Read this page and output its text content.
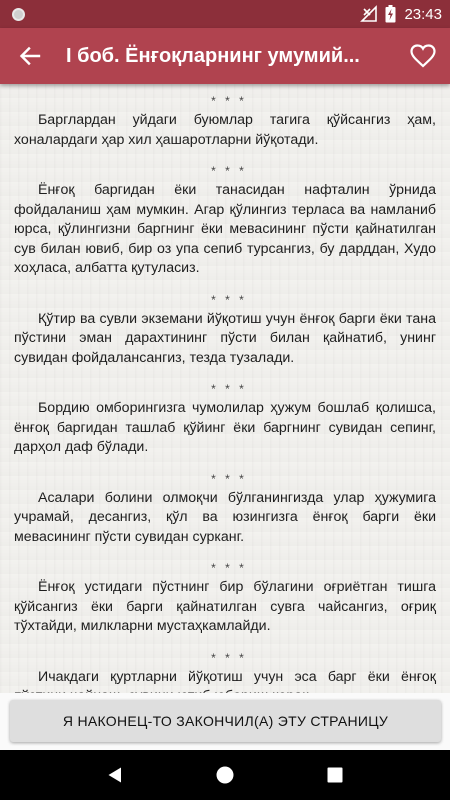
23:43
I боб. Ёнғоқларнинг умумий...
* * *

Барглардан уйдаги буюмлар тагига қўйсангиз ҳам, хоналардаги ҳар хил ҳашаротларни йўқотади.

* * *

Ёнғоқ баргидан ёки танасидан нафталин ўрнида фойдаланиш ҳам мумкин. Агар қўлингиз терласа ва намланиб юрса, қўлингизни баргнинг ёки мевасининг пўсти қайнатилган сув билан ювиб, бир оз упа сепиб турсангиз, бу дарддан, Худо хоҳласа, албатта қутуласиз.

* * *

Қўтир ва сувли экземани йўқотиш учун ёнғоқ барги ёки тана пўстини эман дарахтининг пўсти билан қайнатиб, унинг сувидан фойдалансангиз, тезда тузалади.

* * *

Бордию омборингизга чумолилар ҳужум бошлаб қолишса, ёнғоқ баргидан ташлаб қўйинг ёки баргнинг сувидан сепинг, дарҳол даф бўлади.

* * *

Асалари болини олмоқчи бўлганингизда улар ҳужумига учрамай, десангиз, қўл ва юзингизга ёнғоқ барги ёки мевасининг пўсти сувидан сурканг.

* * *

Ёнғоқ устидаги пўстнинг бир бўлагини оғриётган тишга қўйсангиз ёки барги қайнатилган сувга чайсангиз, оғриқ тўхтайди, милкларни мустаҳкамлайди.

* * *

Ичакдаги қуртларни йўқотиш учун эса барг ёки ёнғоқ

Я НАКОНЕЦ-ТО ЗАКОНЧИЛ(А) ЭТУ СТРАНИЦУ
